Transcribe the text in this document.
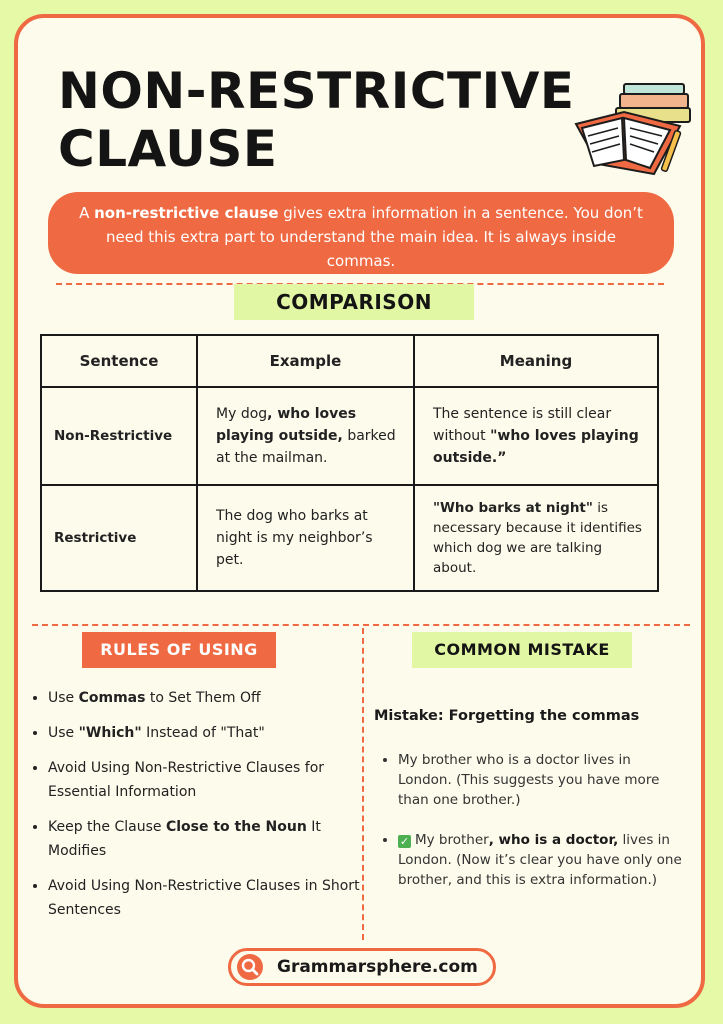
NON-RESTRICTIVE
CLAUSE
A non-restrictive clause gives extra information in a sentence. You don’t need this extra part to understand the main idea. It is always inside commas.
COMPARISON
Sentence	Example	Meaning
Non-Restrictive	My dog, who loves playing outside, barked at the mailman.	The sentence is still clear without "who loves playing outside.”
Restrictive	The dog who barks at night is my neighbor’s pet.	"Who barks at night" is necessary because it identifies which dog we are talking about.
RULES OF USING	COMMON MISTAKE
• Use Commas to Set Them Off
• Use "Which" Instead of "That"
• Avoid Using Non-Restrictive Clauses for Essential Information
• Keep the Clause Close to the Noun It Modifies
• Avoid Using Non-Restrictive Clauses in Short Sentences
Mistake: Forgetting the commas
• My brother who is a doctor lives in London. (This suggests you have more than one brother.)
• ✓ My brother, who is a doctor, lives in London. (Now it’s clear you have only one brother, and this is extra information.)
Grammarsphere.com
